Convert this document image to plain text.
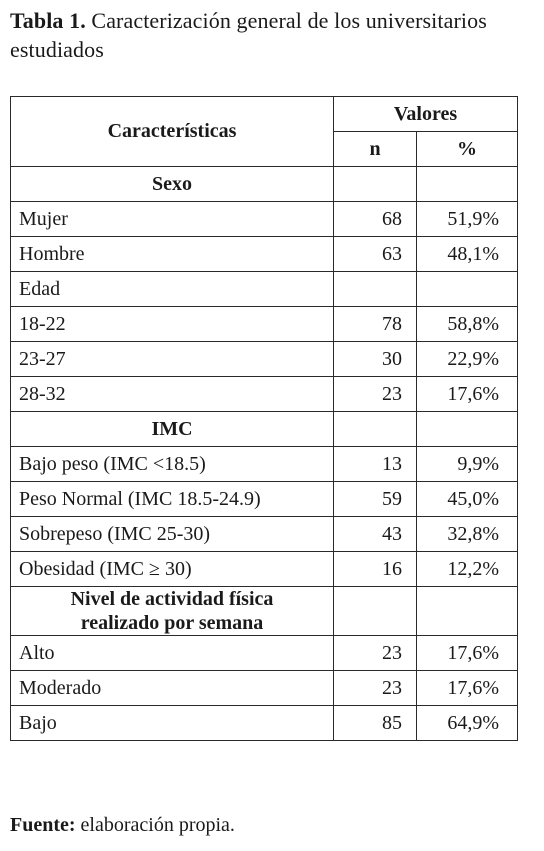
Tabla 1. Caracterización general de los universitarios estudiados
Características	Valores	
	n	%
Sexo		
Mujer	68	51,9%
Hombre	63	48,1%
Edad		
18-22	78	58,8%
23-27	30	22,9%
28-32	23	17,6%
IMC		
Bajo peso (IMC <18.5)	13	9,9%
Peso Normal (IMC 18.5-24.9)	59	45,0%
Sobrepeso (IMC 25-30)	43	32,8%
Obesidad (IMC ≥ 30)	16	12,2%

Nivel de actividad física
realizado por semana		

Alto	23	17,6%
Moderado	23	17,6%
Bajo	85	64,9%
Fuente: elaboración propia.
